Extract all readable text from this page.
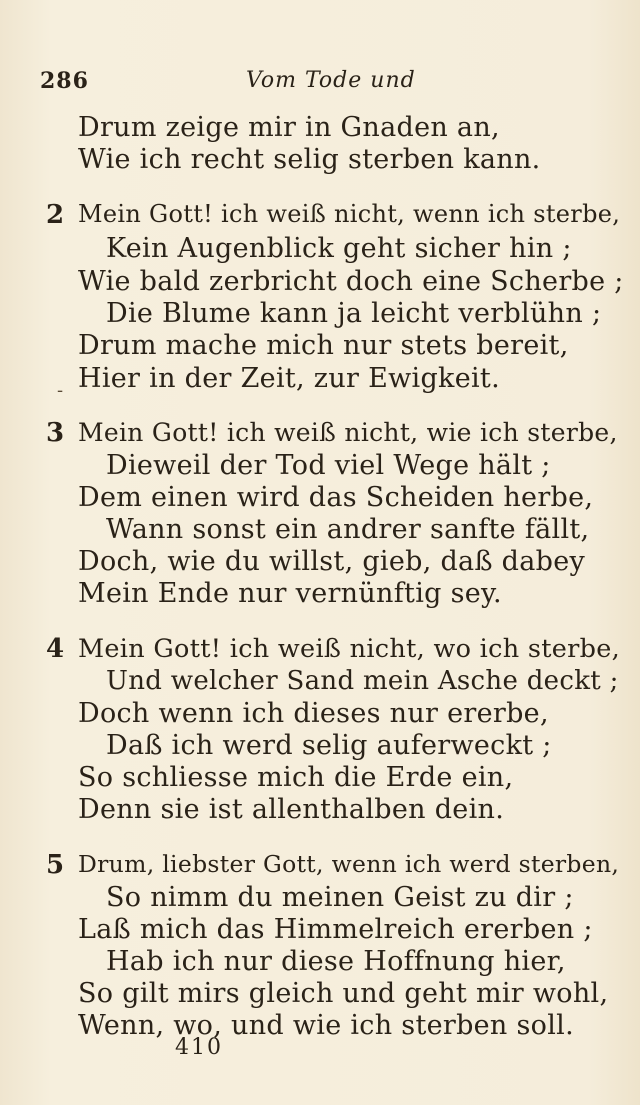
286	Vom Tode und
Drum zeige mir in Gnaden an,
Wie ich recht selig sterben kann.
2 Mein Gott! ich weiß nicht, wenn ich sterbe,
Kein Augenblick geht sicher hin ;
Wie bald zerbricht doch eine Scherbe ;
Die Blume kann ja leicht verblühn ;
Drum mache mich nur stets bereit,
- Hier in der Zeit, zur Ewigkeit.
3 Mein Gott! ich weiß nicht, wie ich sterbe,
Dieweil der Tod viel Wege hält ;
Dem einen wird das Scheiden herbe,
Wann sonst ein andrer sanfte fällt,
Doch, wie du willst, gieb, daß dabey
Mein Ende nur vernünftig sey.
4 Mein Gott! ich weiß nicht, wo ich sterbe,
Und welcher Sand mein Asche deckt ;
Doch wenn ich dieses nur ererbe,
Daß ich werd selig auferweckt ;
So schliesse mich die Erde ein,
Denn sie ist allenthalben dein.
5 Drum, liebster Gott, wenn ich werd sterben,
So nimm du meinen Geist zu dir ;
Laß mich das Himmelreich ererben ;
Hab ich nur diese Hoffnung hier,
So gilt mirs gleich und geht mir wohl,
Wenn, wo, und wie ich sterben soll.
410
